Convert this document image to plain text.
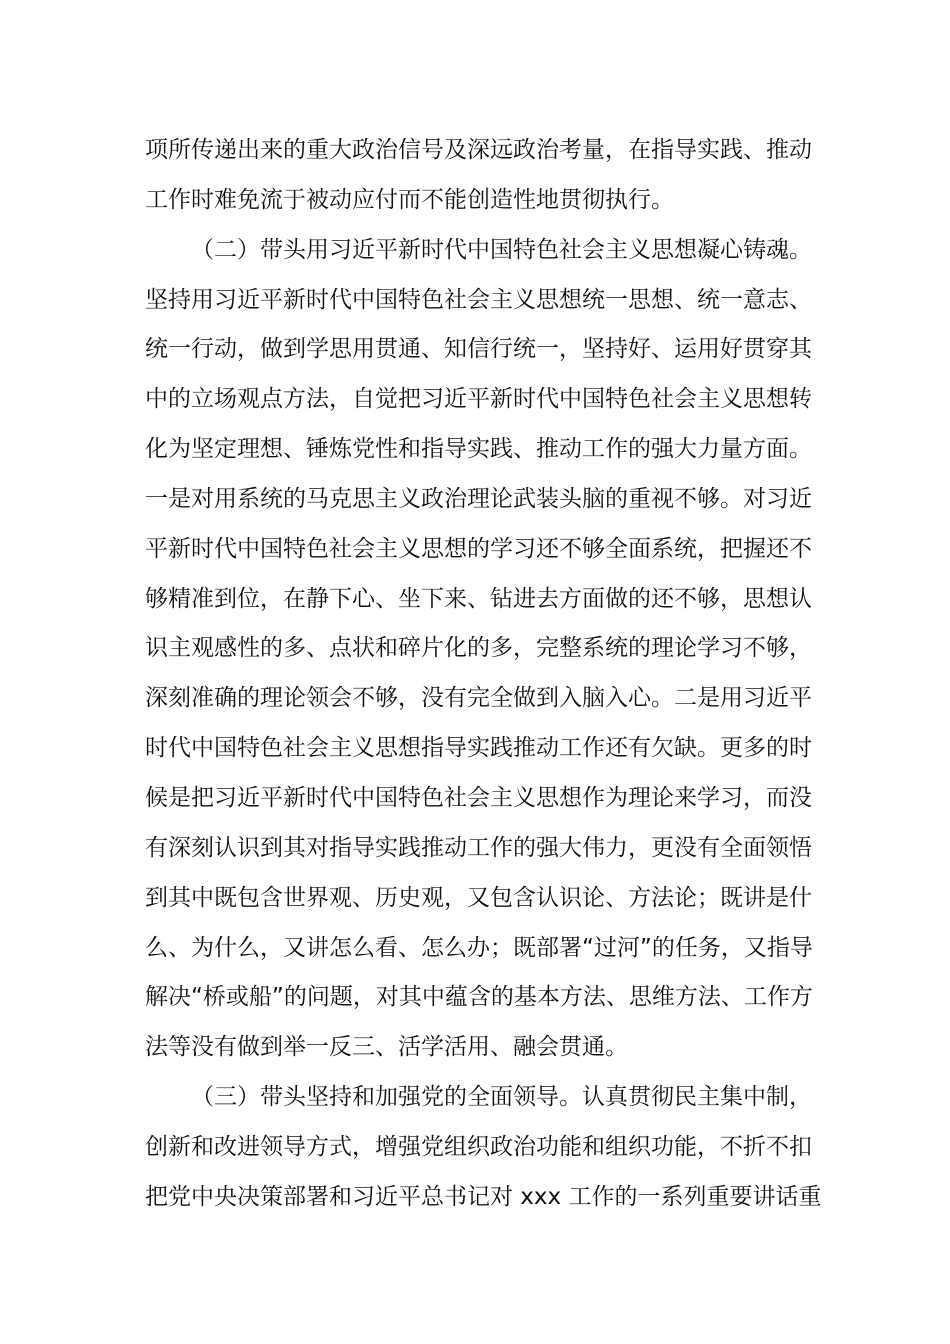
项所传递出来的重大政治信号及深远政治考量，在指导实践、推动
工作时难免流于被动应付而不能创造性地贯彻执行。
（二）带头用习近平新时代中国特色社会主义思想凝心铸魂。
坚持用习近平新时代中国特色社会主义思想统一思想、统一意志、
统一行动，做到学思用贯通、知信行统一，坚持好、运用好贯穿其
中的立场观点方法，自觉把习近平新时代中国特色社会主义思想转
化为坚定理想、锤炼党性和指导实践、推动工作的强大力量方面。
一是对用系统的马克思主义政治理论武装头脑的重视不够。对习近
平新时代中国特色社会主义思想的学习还不够全面系统，把握还不
够精准到位，在静下心、坐下来、钻进去方面做的还不够，思想认
识主观感性的多、点状和碎片化的多，完整系统的理论学习不够，
深刻准确的理论领会不够，没有完全做到入脑入心。二是用习近平
时代中国特色社会主义思想指导实践推动工作还有欠缺。更多的时
候是把习近平新时代中国特色社会主义思想作为理论来学习，而没
有深刻认识到其对指导实践推动工作的强大伟力，更没有全面领悟
到其中既包含世界观、历史观，又包含认识论、方法论；既讲是什
么、为什么，又讲怎么看、怎么办；既部署“过河”的任务，又指导
解决“桥或船”的问题，对其中蕴含的基本方法、思维方法、工作方
法等没有做到举一反三、活学活用、融会贯通。
（三）带头坚持和加强党的全面领导。认真贯彻民主集中制，
创新和改进领导方式，增强党组织政治功能和组织功能，不折不扣
把党中央决策部署和习近平总书记对 xxx 工作的一系列重要讲话重
